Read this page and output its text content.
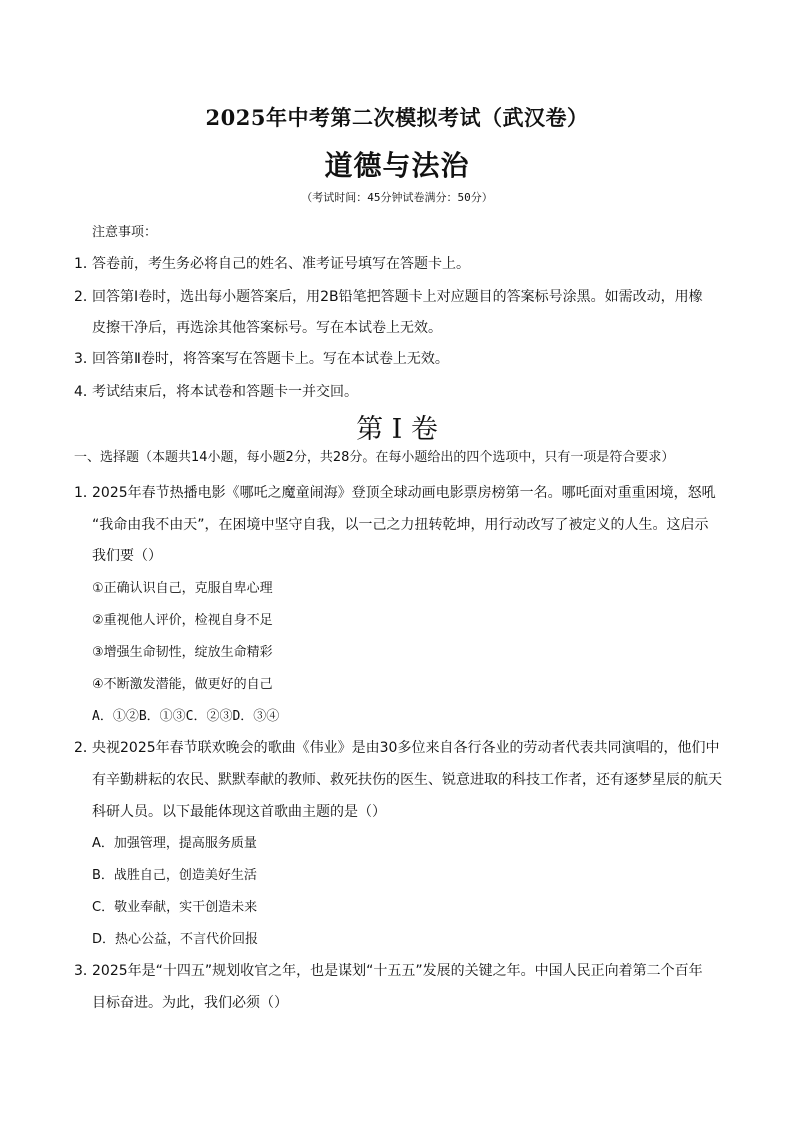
2025年中考第二次模拟考试（武汉卷）
道德与法治
（考试时间：45分钟试卷满分：50分）
注意事项：
1．
答卷前，考生务必将自己的姓名、准考证号填写在答题卡上。
2．
回答第Ⅰ卷时，选出每小题答案后，用2B铅笔把答题卡上对应题目的答案标号涂黑。如需改动，用橡
皮擦干净后，再选涂其他答案标号。写在本试卷上无效。
3．
回答第Ⅱ卷时，将答案写在答题卡上。写在本试卷上无效。
4．
考试结束后，将本试卷和答题卡一并交回。
第 I 卷
一、选择题（本题共14小题，每小题2分，共28分。在每小题给出的四个选项中，只有一项是符合要求）
1．
2025年春节热播电影《哪吒之魔童闹海》登顶全球动画电影票房榜第一名。哪吒面对重重困境，怒吼
“我命由我不由天”，在困境中坚守自我，以一己之力扭转乾坤，用行动改写了被定义的人生。这启示
我们要（）
①正确认识自己，克服自卑心理
②重视他人评价，检视自身不足
③增强生命韧性，绽放生命精彩
④不断激发潜能，做更好的自己
A．①②B．①③C．②③D．③④
2．
央视2025年春节联欢晚会的歌曲《伟业》是由30多位来自各行各业的劳动者代表共同演唱的，他们中
有辛勤耕耘的农民、默默奉献的教师、救死扶伤的医生、锐意进取的科技工作者，还有逐梦星辰的航天
科研人员。以下最能体现这首歌曲主题的是（）
A．加强管理，提高服务质量
B．战胜自己，创造美好生活
C．敬业奉献，实干创造未来
D．热心公益，不言代价回报
3．
2025年是“十四五”规划收官之年，也是谋划“十五五”发展的关键之年。中国人民正向着第二个百年
目标奋进。为此，我们必须（）
